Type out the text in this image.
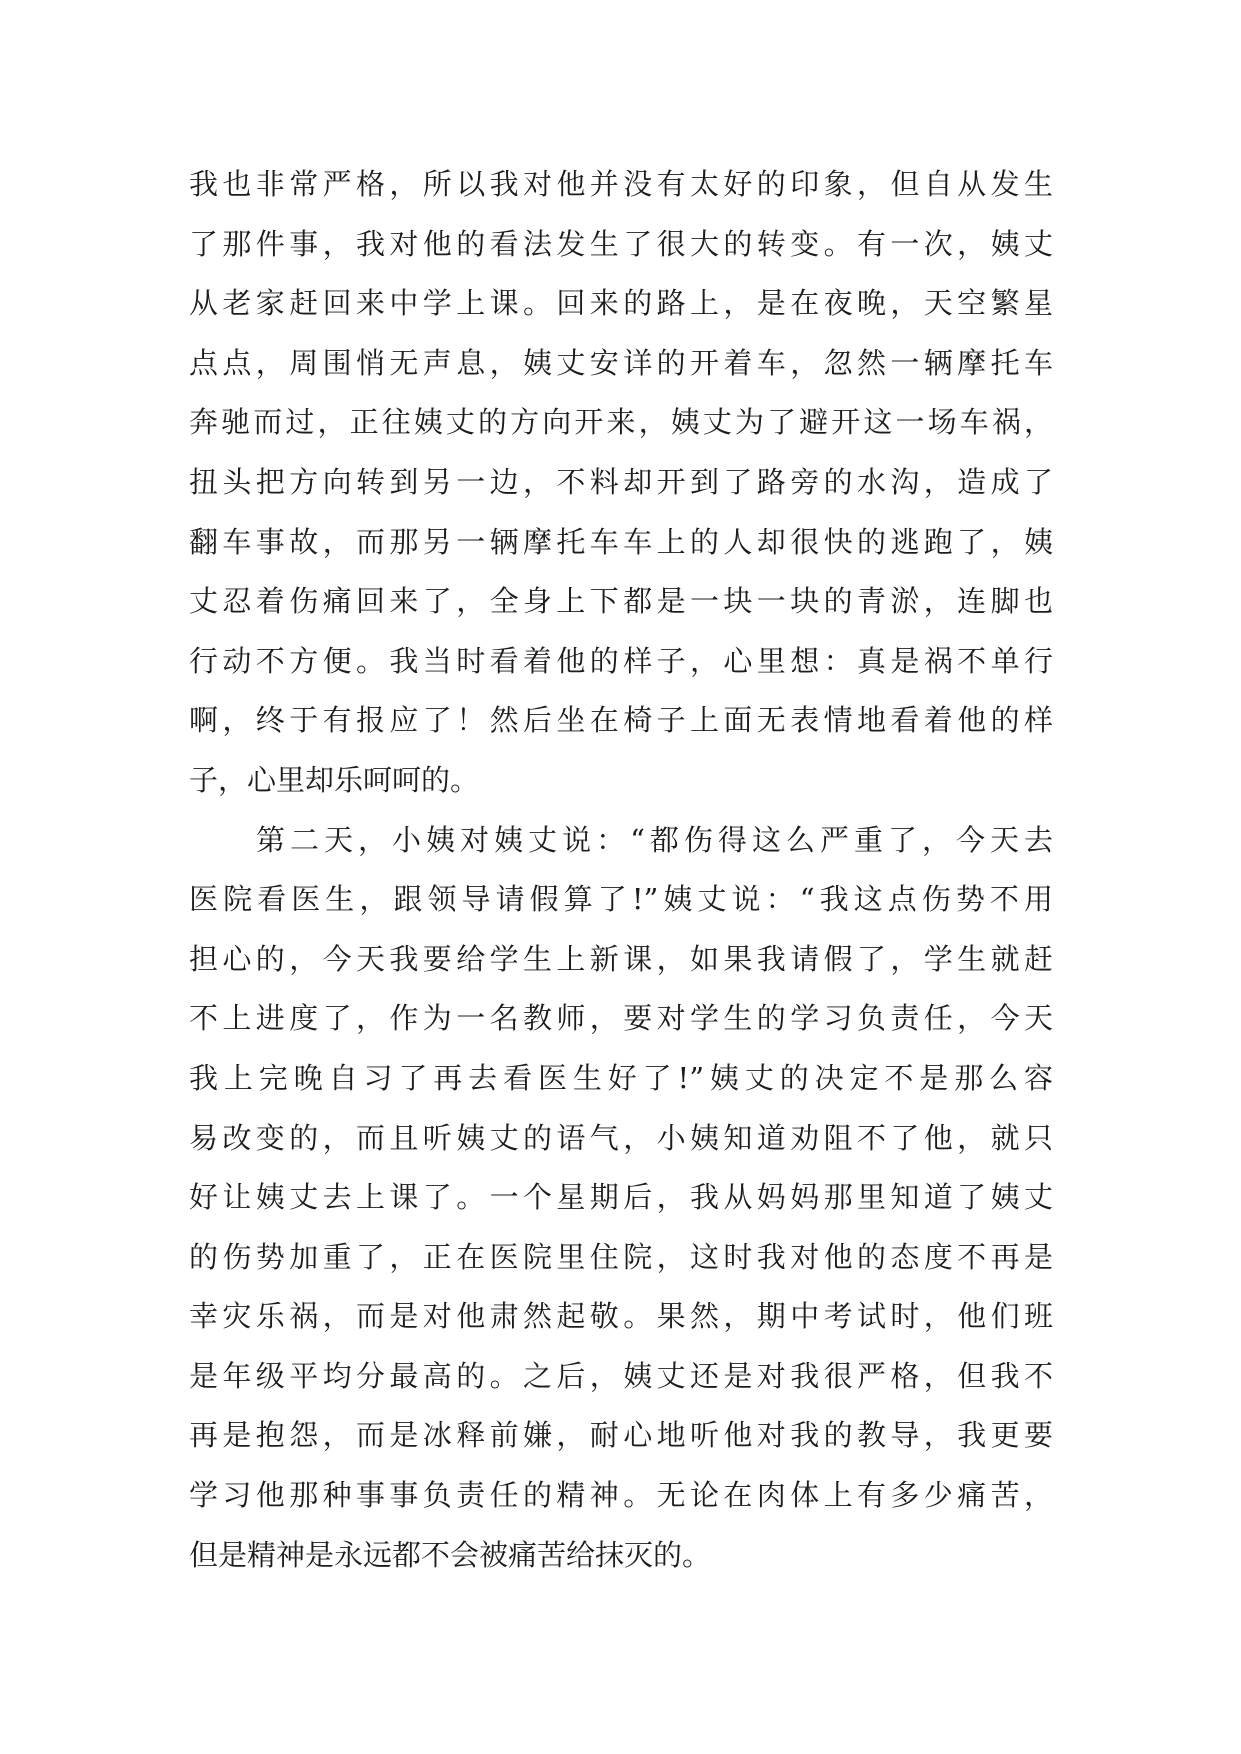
我也非常严格，所以我对他并没有太好的印象，但自从发生
了那件事，我对他的看法发生了很大的转变。有一次，姨丈
从老家赶回来中学上课。回来的路上，是在夜晚，天空繁星
点点，周围悄无声息，姨丈安详的开着车，忽然一辆摩托车
奔驰而过，正往姨丈的方向开来，姨丈为了避开这一场车祸，
扭头把方向转到另一边，不料却开到了路旁的水沟，造成了
翻车事故，而那另一辆摩托车车上的人却很快的逃跑了，姨
丈忍着伤痛回来了，全身上下都是一块一块的青淤，连脚也
行动不方便。我当时看着他的样子，心里想：真是祸不单行
啊，终于有报应了！然后坐在椅子上面无表情地看着他的样
子，心里却乐呵呵的。
第二天，小姨对姨丈说：“都伤得这么严重了，今天去
医院看医生，跟领导请假算了!”姨丈说：“我这点伤势不用
担心的，今天我要给学生上新课，如果我请假了，学生就赶
不上进度了，作为一名教师，要对学生的学习负责任，今天
我上完晚自习了再去看医生好了!”姨丈的决定不是那么容
易改变的，而且听姨丈的语气，小姨知道劝阻不了他，就只
好让姨丈去上课了。一个星期后，我从妈妈那里知道了姨丈
的伤势加重了，正在医院里住院，这时我对他的态度不再是
幸灾乐祸，而是对他肃然起敬。果然，期中考试时，他们班
是年级平均分最高的。之后，姨丈还是对我很严格，但我不
再是抱怨，而是冰释前嫌，耐心地听他对我的教导，我更要
学习他那种事事负责任的精神。无论在肉体上有多少痛苦，
但是精神是永远都不会被痛苦给抹灭的。
